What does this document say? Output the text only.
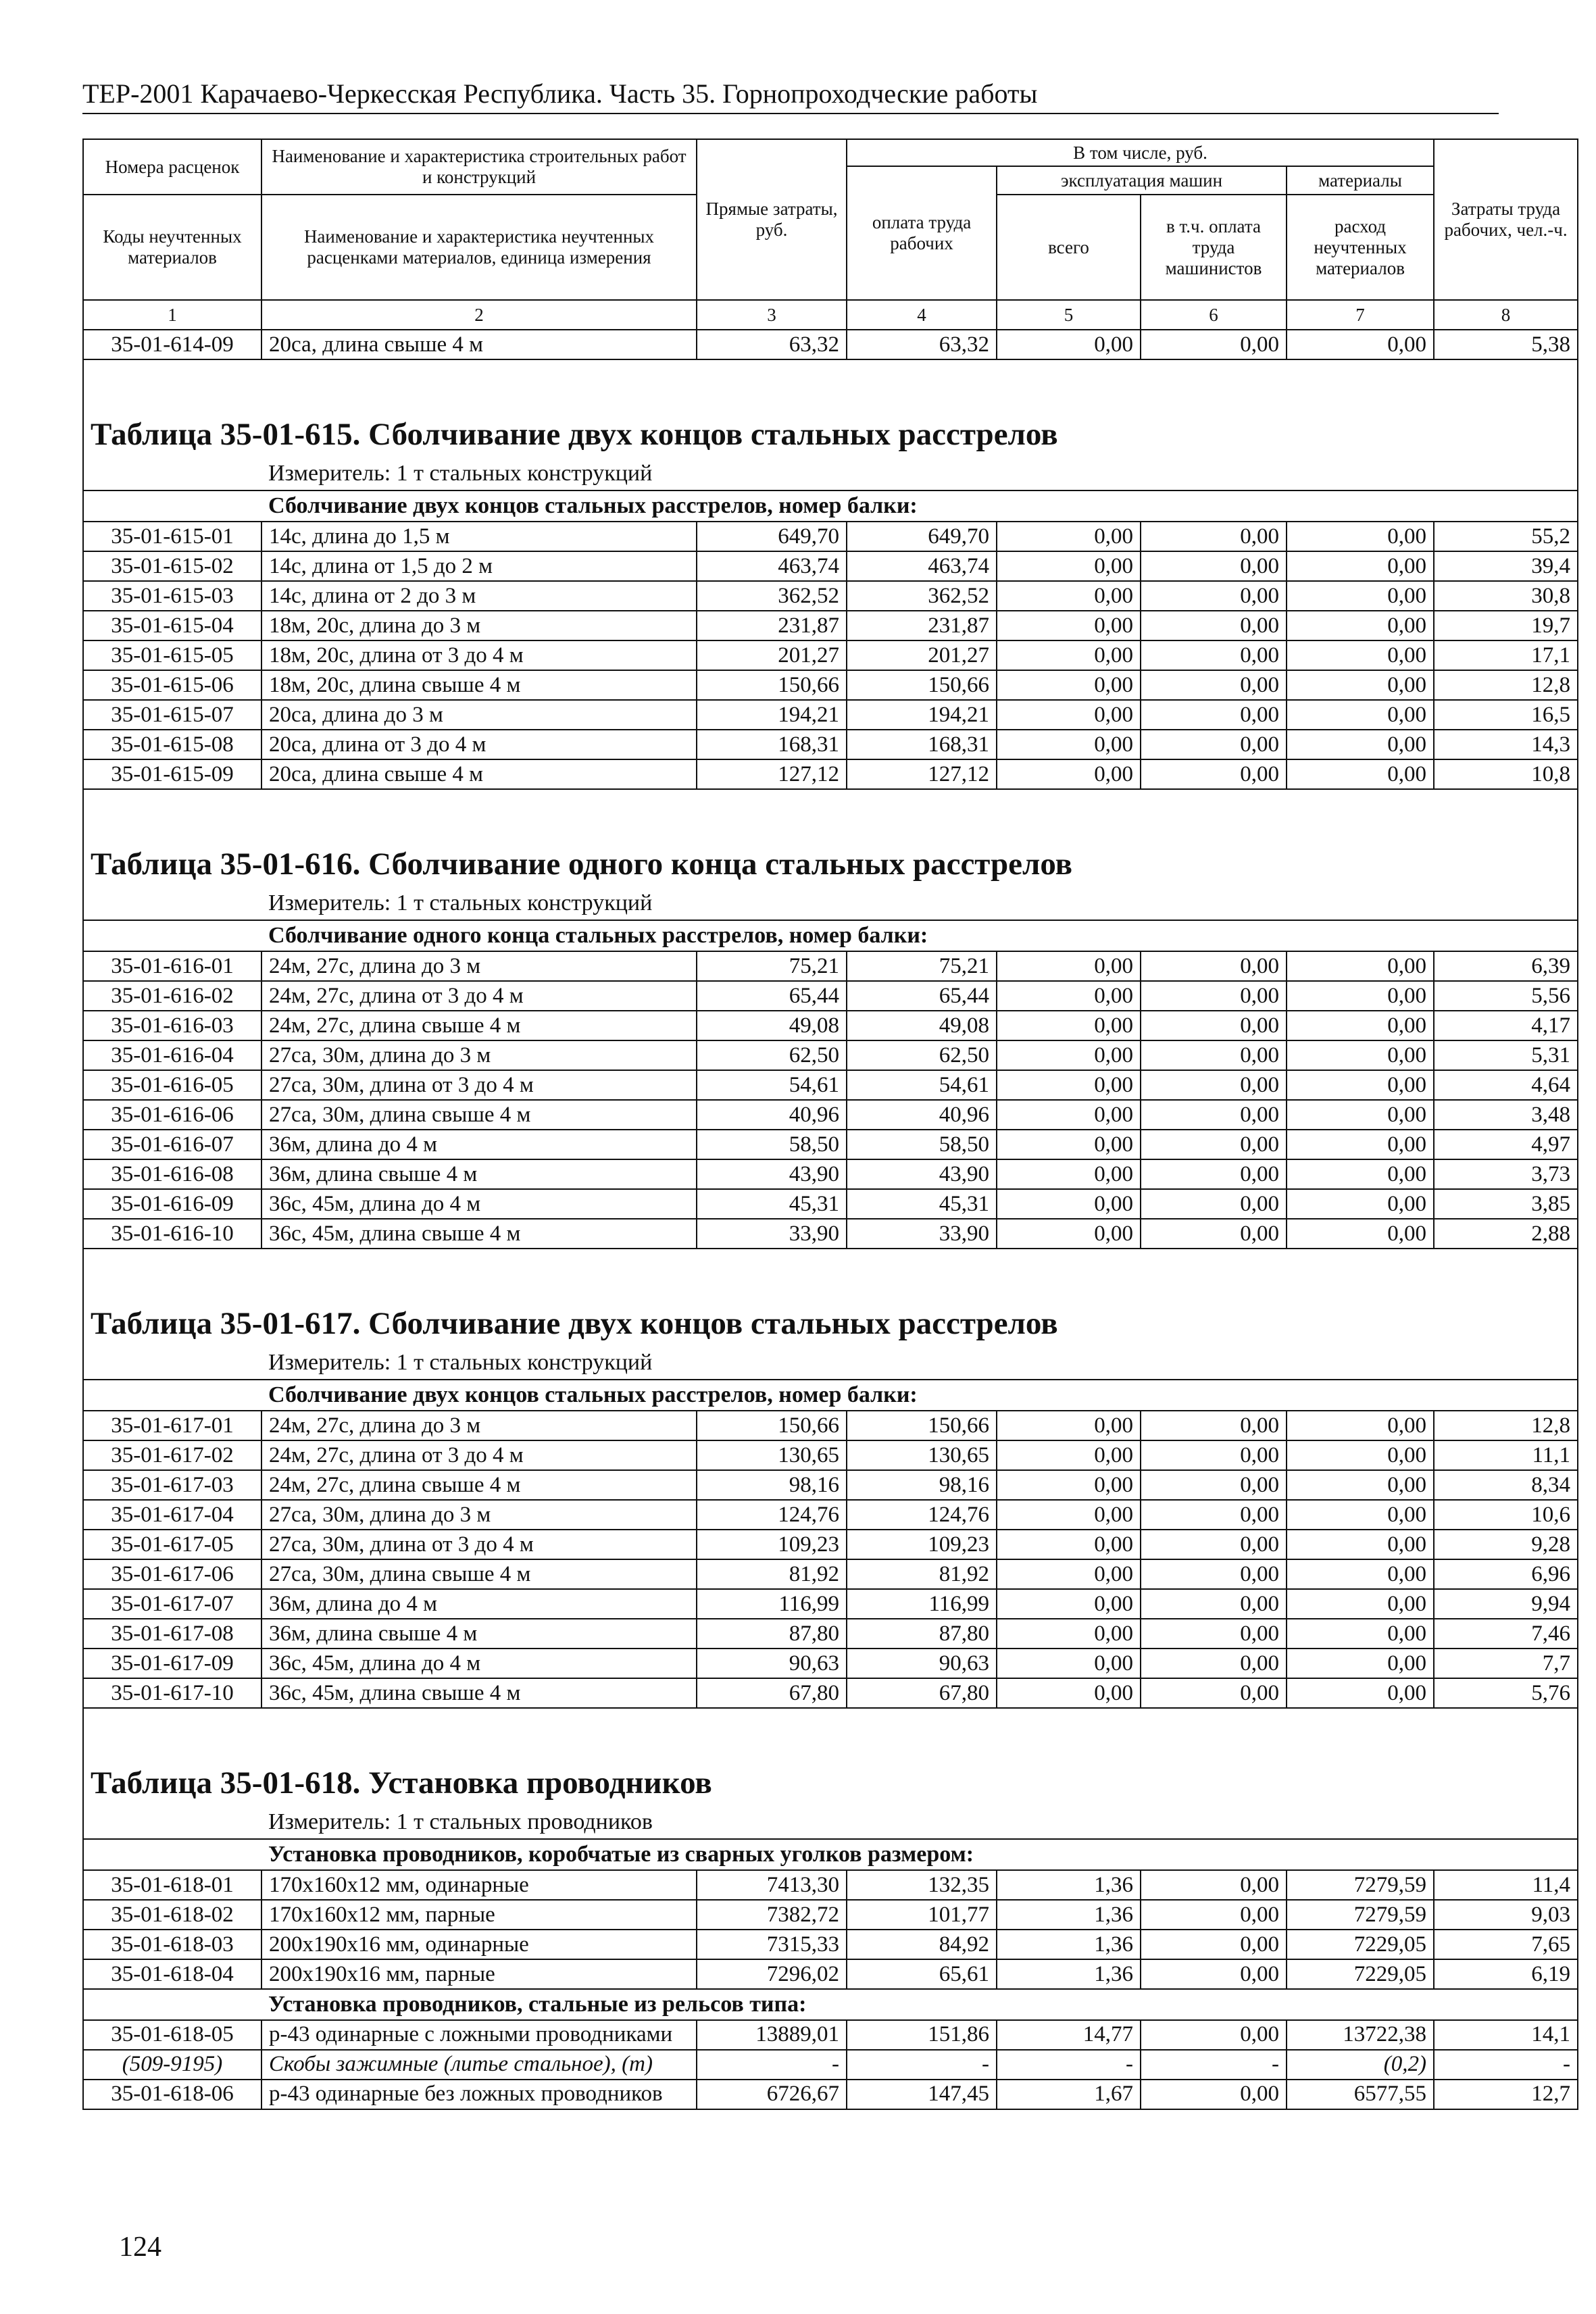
ТЕР-2001 Карачаево-Черкесская Республика. Часть 35. Горнопроходческие работы
Номера расценок	Наименование и характеристика строительных работ и конструкций	Прямые затраты, руб.	В том числе, руб.				Затраты труда рабочих, чел.-ч.
			оплата труда рабочих	эксплуатация машин		материалы	
Коды неучтенных материалов	Наименование и характеристика неучтенных расценками материалов, единица измерения			всего	в т.ч. оплата труда машинистов	расход неучтенных материалов	
1	2	3	4	5	6	7	8
35-01-614-09	20са, длина свыше 4 м	63,32	63,32	0,00	0,00	0,00	5,38
Таблица 35-01-615. Сболчивание двух концов стальных расстрелов							
	Измеритель: 1 т стальных конструкций						
	Сболчивание двух концов стальных расстрелов, номер балки:						
35-01-615-01	14с, длина до 1,5 м	649,70	649,70	0,00	0,00	0,00	55,2
35-01-615-02	14с, длина от 1,5 до 2 м	463,74	463,74	0,00	0,00	0,00	39,4
35-01-615-03	14с, длина от 2 до 3 м	362,52	362,52	0,00	0,00	0,00	30,8
35-01-615-04	18м, 20с, длина до 3 м	231,87	231,87	0,00	0,00	0,00	19,7
35-01-615-05	18м, 20с, длина от 3 до 4 м	201,27	201,27	0,00	0,00	0,00	17,1
35-01-615-06	18м, 20с, длина свыше 4 м	150,66	150,66	0,00	0,00	0,00	12,8
35-01-615-07	20са, длина до 3 м	194,21	194,21	0,00	0,00	0,00	16,5
35-01-615-08	20са, длина от 3 до 4 м	168,31	168,31	0,00	0,00	0,00	14,3
35-01-615-09	20са, длина свыше 4 м	127,12	127,12	0,00	0,00	0,00	10,8
Таблица 35-01-616. Сболчивание одного конца стальных расстрелов							
	Измеритель: 1 т стальных конструкций						
	Сболчивание одного конца стальных расстрелов, номер балки:						
35-01-616-01	24м, 27с, длина до 3 м	75,21	75,21	0,00	0,00	0,00	6,39
35-01-616-02	24м, 27с, длина от 3 до 4 м	65,44	65,44	0,00	0,00	0,00	5,56
35-01-616-03	24м, 27с, длина свыше 4 м	49,08	49,08	0,00	0,00	0,00	4,17
35-01-616-04	27са, 30м, длина до 3 м	62,50	62,50	0,00	0,00	0,00	5,31
35-01-616-05	27са, 30м, длина от 3 до 4 м	54,61	54,61	0,00	0,00	0,00	4,64
35-01-616-06	27са, 30м, длина свыше 4 м	40,96	40,96	0,00	0,00	0,00	3,48
35-01-616-07	36м, длина до 4 м	58,50	58,50	0,00	0,00	0,00	4,97
35-01-616-08	36м, длина свыше 4 м	43,90	43,90	0,00	0,00	0,00	3,73
35-01-616-09	36с, 45м, длина до 4 м	45,31	45,31	0,00	0,00	0,00	3,85
35-01-616-10	36с, 45м, длина свыше 4 м	33,90	33,90	0,00	0,00	0,00	2,88
Таблица 35-01-617. Сболчивание двух концов стальных расстрелов							
	Измеритель: 1 т стальных конструкций						
	Сболчивание двух концов стальных расстрелов, номер балки:						
35-01-617-01	24м, 27с, длина до 3 м	150,66	150,66	0,00	0,00	0,00	12,8
35-01-617-02	24м, 27с, длина от 3 до 4 м	130,65	130,65	0,00	0,00	0,00	11,1
35-01-617-03	24м, 27с, длина свыше 4 м	98,16	98,16	0,00	0,00	0,00	8,34
35-01-617-04	27са, 30м, длина до 3 м	124,76	124,76	0,00	0,00	0,00	10,6
35-01-617-05	27са, 30м, длина от 3 до 4 м	109,23	109,23	0,00	0,00	0,00	9,28
35-01-617-06	27са, 30м, длина свыше 4 м	81,92	81,92	0,00	0,00	0,00	6,96
35-01-617-07	36м, длина до 4 м	116,99	116,99	0,00	0,00	0,00	9,94
35-01-617-08	36м, длина свыше 4 м	87,80	87,80	0,00	0,00	0,00	7,46
35-01-617-09	36с, 45м, длина до 4 м	90,63	90,63	0,00	0,00	0,00	7,7
35-01-617-10	36с, 45м, длина свыше 4 м	67,80	67,80	0,00	0,00	0,00	5,76
Таблица 35-01-618. Установка проводников							
	Измеритель: 1 т стальных проводников						
	Установка проводников, коробчатые из сварных уголков размером:						
35-01-618-01	170х160х12 мм, одинарные	7413,30	132,35	1,36	0,00	7279,59	11,4
35-01-618-02	170х160х12 мм, парные	7382,72	101,77	1,36	0,00	7279,59	9,03
35-01-618-03	200х190х16 мм, одинарные	7315,33	84,92	1,36	0,00	7229,05	7,65
35-01-618-04	200х190х16 мм, парные	7296,02	65,61	1,36	0,00	7229,05	6,19
	Установка проводников, стальные из рельсов типа:						
35-01-618-05	р-43 одинарные с ложными проводниками	13889,01	151,86	14,77	0,00	13722,38	14,1
(509-9195)	Скобы зажимные (литье стальное), (т)	-	-	-	-	(0,2)	-
35-01-618-06	р-43 одинарные без ложных проводников	6726,67	147,45	1,67	0,00	6577,55	12,7
124
